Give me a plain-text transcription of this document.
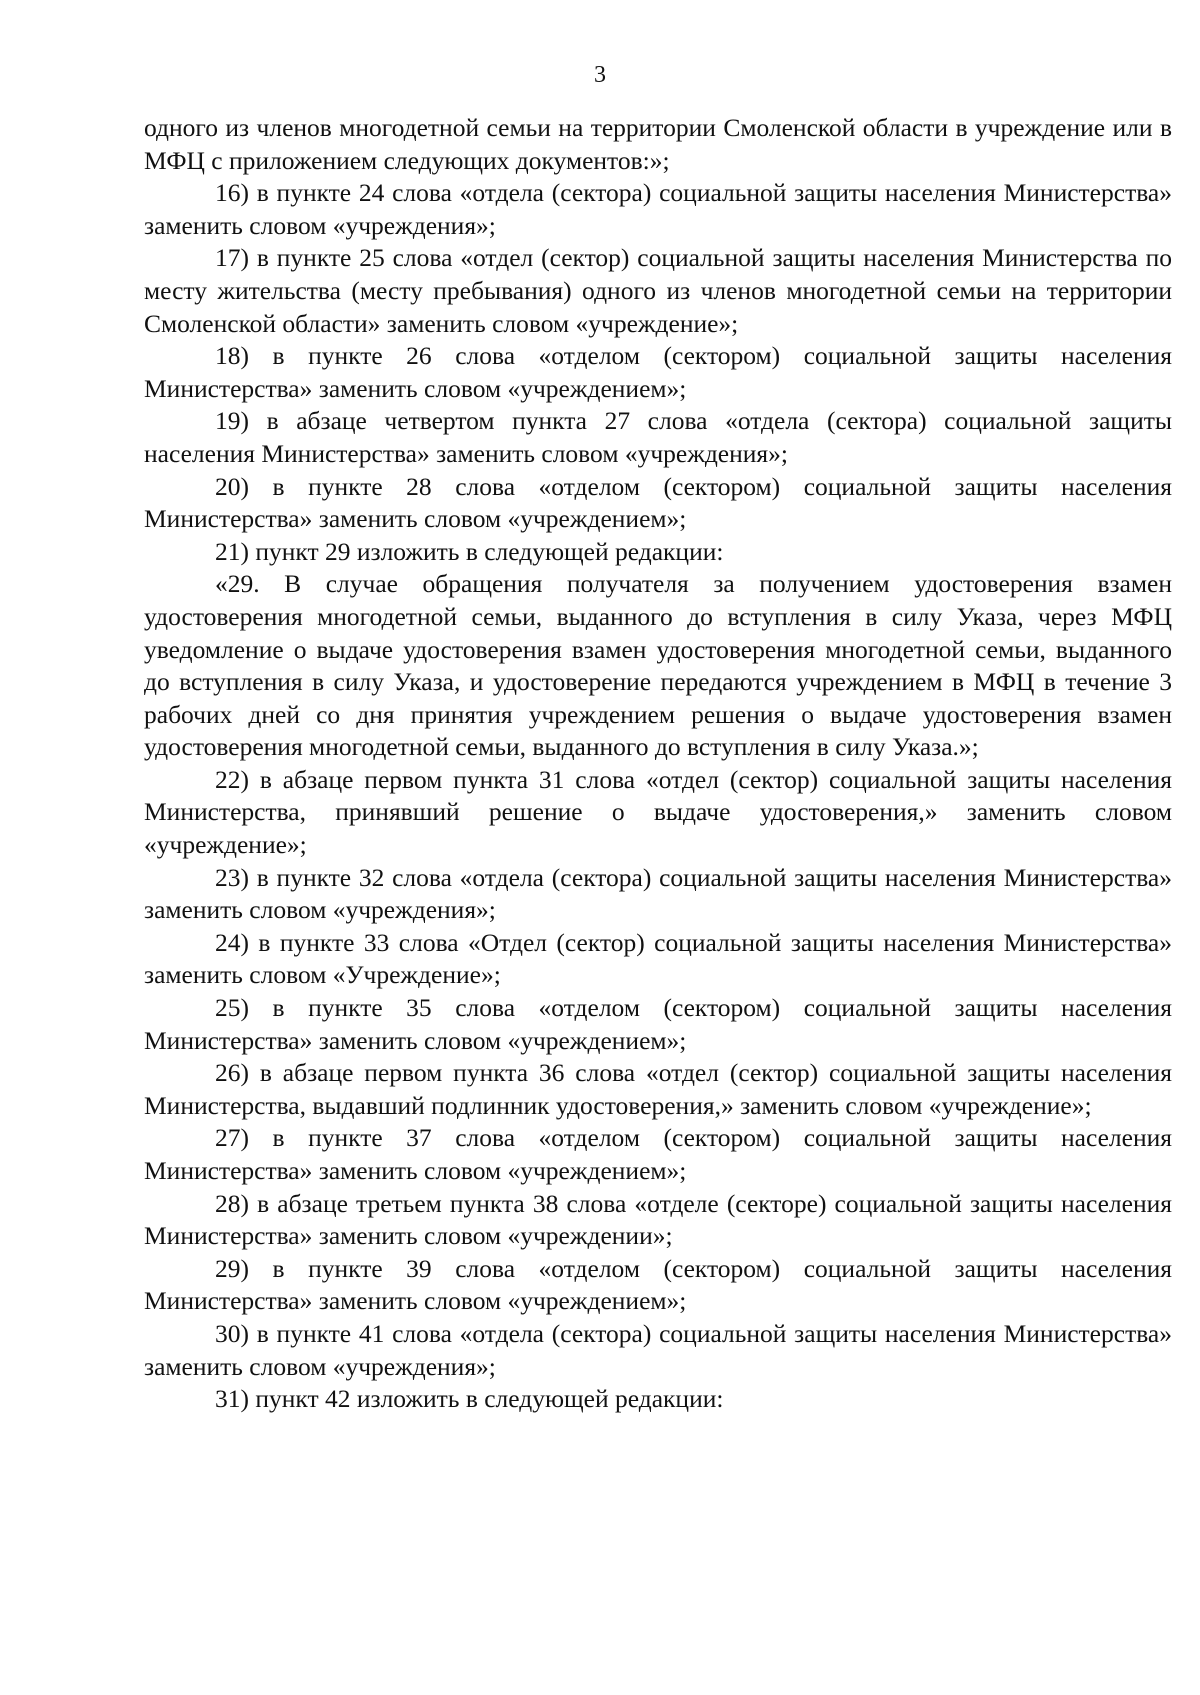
3

одного из членов многодетной семьи на территории Смоленской области в учреждение или в МФЦ с приложением следующих документов:»;

16) в пункте 24 слова «отдела (сектора) социальной защиты населения Министерства» заменить словом «учреждения»;

17) в пункте 25 слова «отдел (сектор) социальной защиты населения Министерства по месту жительства (месту пребывания) одного из членов многодетной семьи на территории Смоленской области» заменить словом «учреждение»;

18) в пункте 26 слова «отделом (сектором) социальной защиты населения Министерства» заменить словом «учреждением»;

19) в абзаце четвертом пункта 27 слова «отдела (сектора) социальной защиты населения Министерства» заменить словом «учреждения»;

20) в пункте 28 слова «отделом (сектором) социальной защиты населения Министерства» заменить словом «учреждением»;

21) пункт 29 изложить в следующей редакции:

«29. В случае обращения получателя за получением удостоверения взамен удостоверения многодетной семьи, выданного до вступления в силу Указа, через МФЦ уведомление о выдаче удостоверения взамен удостоверения многодетной семьи, выданного до вступления в силу Указа, и удостоверение передаются учреждением в МФЦ в течение 3 рабочих дней со дня принятия учреждением решения о выдаче удостоверения взамен удостоверения многодетной семьи, выданного до вступления в силу Указа.»;

22) в абзаце первом пункта 31 слова «отдел (сектор) социальной защиты населения Министерства, принявший решение о выдаче удостоверения,» заменить словом «учреждение»;

23) в пункте 32 слова «отдела (сектора) социальной защиты населения Министерства» заменить словом «учреждения»;

24) в пункте 33 слова «Отдел (сектор) социальной защиты населения Министерства» заменить словом «Учреждение»;

25) в пункте 35 слова «отделом (сектором) социальной защиты населения Министерства» заменить словом «учреждением»;

26) в абзаце первом пункта 36 слова «отдел (сектор) социальной защиты населения Министерства, выдавший подлинник удостоверения,» заменить словом «учреждение»;

27) в пункте 37 слова «отделом (сектором) социальной защиты населения Министерства» заменить словом «учреждением»;

28) в абзаце третьем пункта 38 слова «отделе (секторе) социальной защиты населения Министерства» заменить словом «учреждении»;

29) в пункте 39 слова «отделом (сектором) социальной защиты населения Министерства» заменить словом «учреждением»;

30) в пункте 41 слова «отдела (сектора) социальной защиты населения Министерства» заменить словом «учреждения»;

31) пункт 42 изложить в следующей редакции:
